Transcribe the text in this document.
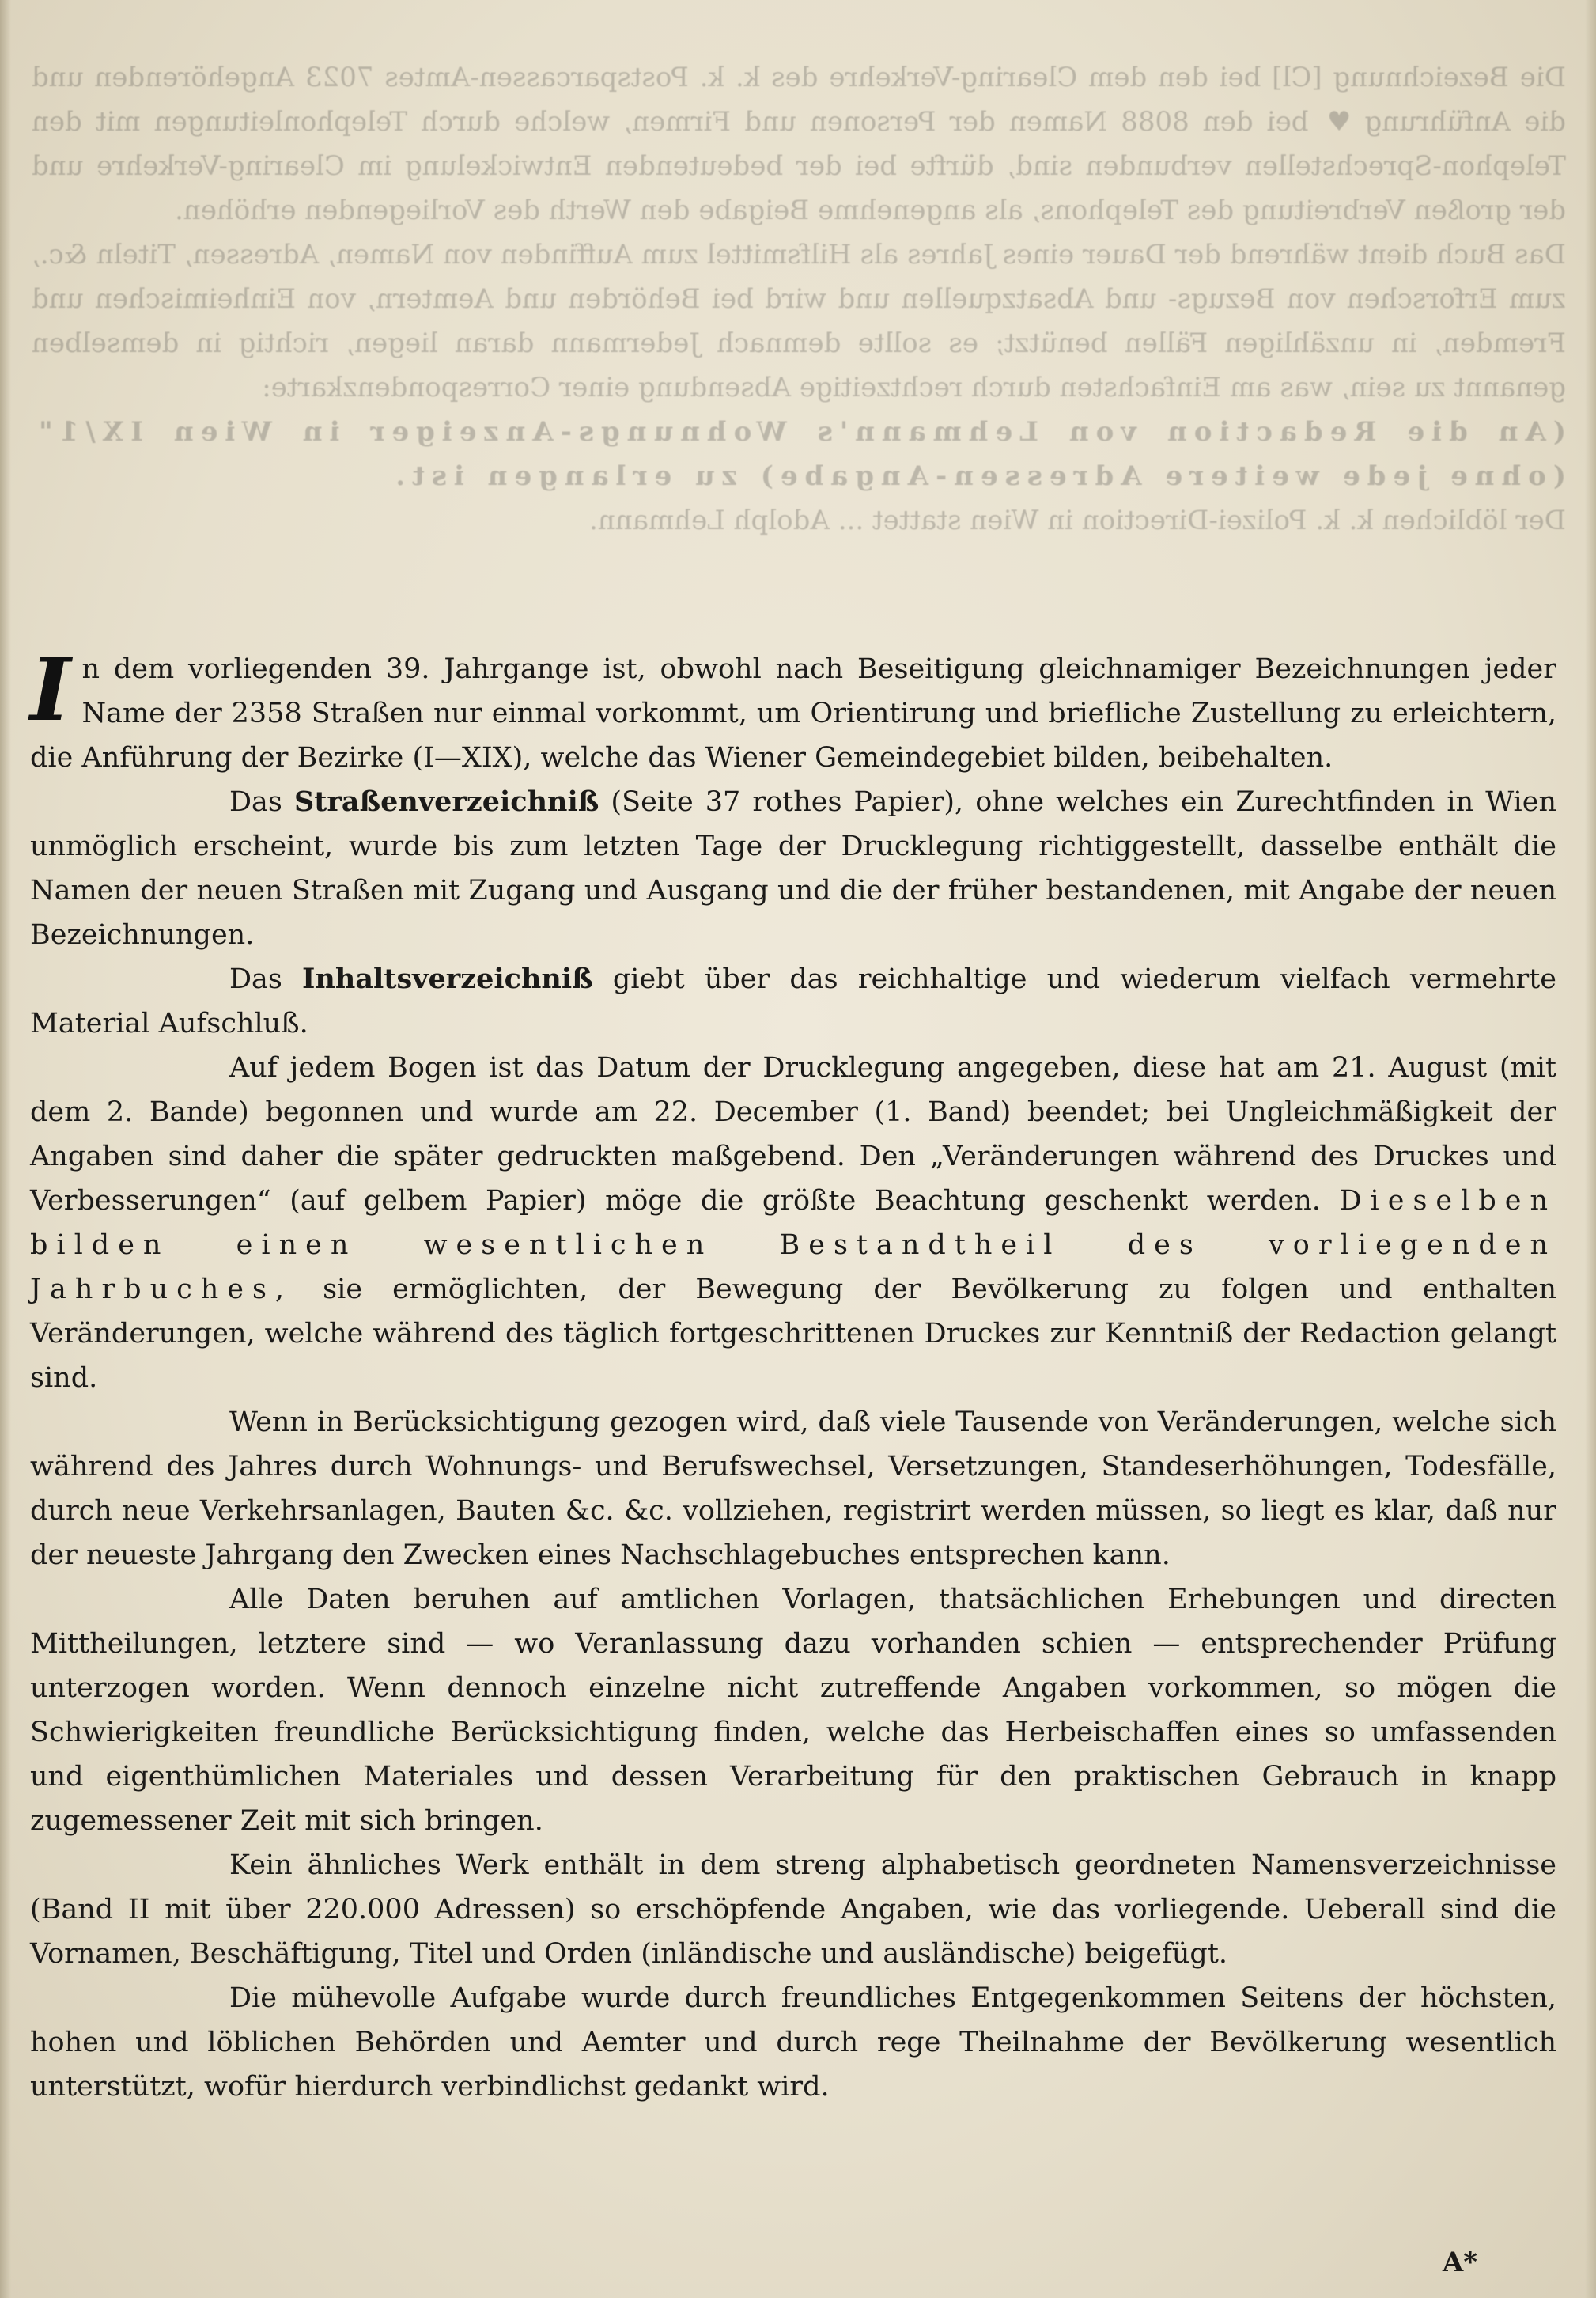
Die Bezeichnung [Cl] bei den dem Clearing-Verkehre des k. k. Postsparcassen-Amtes 7023 Angehörenden und die Anführung ♥ bei den 8088 Namen der Personen und Firmen, welche durch Telephonleitungen mit den Telephon-Sprechstellen verbunden sind, dürfte bei der bedeutenden Entwickelung im Clearing-Verkehre und der großen Verbreitung des Telephons, als angenehme Beigabe den Werth des Vorliegenden erhöhen.

Das Buch dient während der Dauer eines Jahres als Hilfsmittel zum Auffinden von Namen, Adressen, Titeln &c., zum Erforschen von Bezugs- und Absatzquellen und wird bei Behörden und Aemtern, von Einheimischen und Fremden, in unzähligen Fällen benützt; es sollte demnach Jedermann daran liegen, richtig in demselben genannt zu sein, was am Einfachsten durch rechtzeitige Absendung einer Correspondenzkarte:

(An die Redaction von Lehmann's Wohnungs-Anzeiger in Wien IX/1" (ohne jede weitere Adressen-Angabe) zu erlangen ist.

Der löblichen k. k. Polizei-Direction in Wien stattet ... Adolph Lehmann.

In dem vorliegenden 39. Jahrgange ist, obwohl nach Beseitigung gleichnamiger Bezeichnungen jeder Name der 2358 Straßen nur einmal vorkommt, um Orientirung und briefliche Zustellung zu erleichtern, die Anführung der Bezirke (I—XIX), welche das Wiener Gemeindegebiet bilden, beibehalten.

Das Straßenverzeichniß (Seite 37 rothes Papier), ohne welches ein Zurechtfinden in Wien unmöglich erscheint, wurde bis zum letzten Tage der Drucklegung richtiggestellt, dasselbe enthält die Namen der neuen Straßen mit Zugang und Ausgang und die der früher bestandenen, mit Angabe der neuen Bezeichnungen.

Das Inhaltsverzeichniß giebt über das reichhaltige und wiederum vielfach vermehrte Material Aufschluß.

Auf jedem Bogen ist das Datum der Drucklegung angegeben, diese hat am 21. August (mit dem 2. Bande) begonnen und wurde am 22. December (1. Band) beendet; bei Ungleichmäßigkeit der Angaben sind daher die später gedruckten maßgebend. Den „Veränderungen während des Druckes und Verbesserungen“ (auf gelbem Papier) möge die größte Beachtung geschenkt werden. Dieselben bilden einen wesentlichen Bestandtheil des vorliegenden Jahrbuches, sie ermöglichten, der Bewegung der Bevölkerung zu folgen und enthalten Veränderungen, welche während des täglich fortgeschrittenen Druckes zur Kenntniß der Redaction gelangt sind.

Wenn in Berücksichtigung gezogen wird, daß viele Tausende von Veränderungen, welche sich während des Jahres durch Wohnungs- und Berufswechsel, Versetzungen, Standeserhöhungen, Todesfälle, durch neue Verkehrsanlagen, Bauten &c. &c. vollziehen, registrirt werden müssen, so liegt es klar, daß nur der neueste Jahrgang den Zwecken eines Nachschlagebuches entsprechen kann.

Alle Daten beruhen auf amtlichen Vorlagen, thatsächlichen Erhebungen und directen Mittheilungen, letztere sind — wo Veranlassung dazu vorhanden schien — entsprechender Prüfung unterzogen worden. Wenn dennoch einzelne nicht zutreffende Angaben vorkommen, so mögen die Schwierigkeiten freundliche Berücksichtigung finden, welche das Herbeischaffen eines so umfassenden und eigenthümlichen Materiales und dessen Verarbeitung für den praktischen Gebrauch in knapp zugemessener Zeit mit sich bringen.

Kein ähnliches Werk enthält in dem streng alphabetisch geordneten Namensverzeichnisse (Band II mit über 220.000 Adressen) so erschöpfende Angaben, wie das vorliegende. Ueberall sind die Vornamen, Beschäftigung, Titel und Orden (inländische und ausländische) beigefügt.

Die mühevolle Aufgabe wurde durch freundliches Entgegenkommen Seitens der höchsten, hohen und löblichen Behörden und Aemter und durch rege Theilnahme der Bevölkerung wesentlich unterstützt, wofür hierdurch verbindlichst gedankt wird.

A*
